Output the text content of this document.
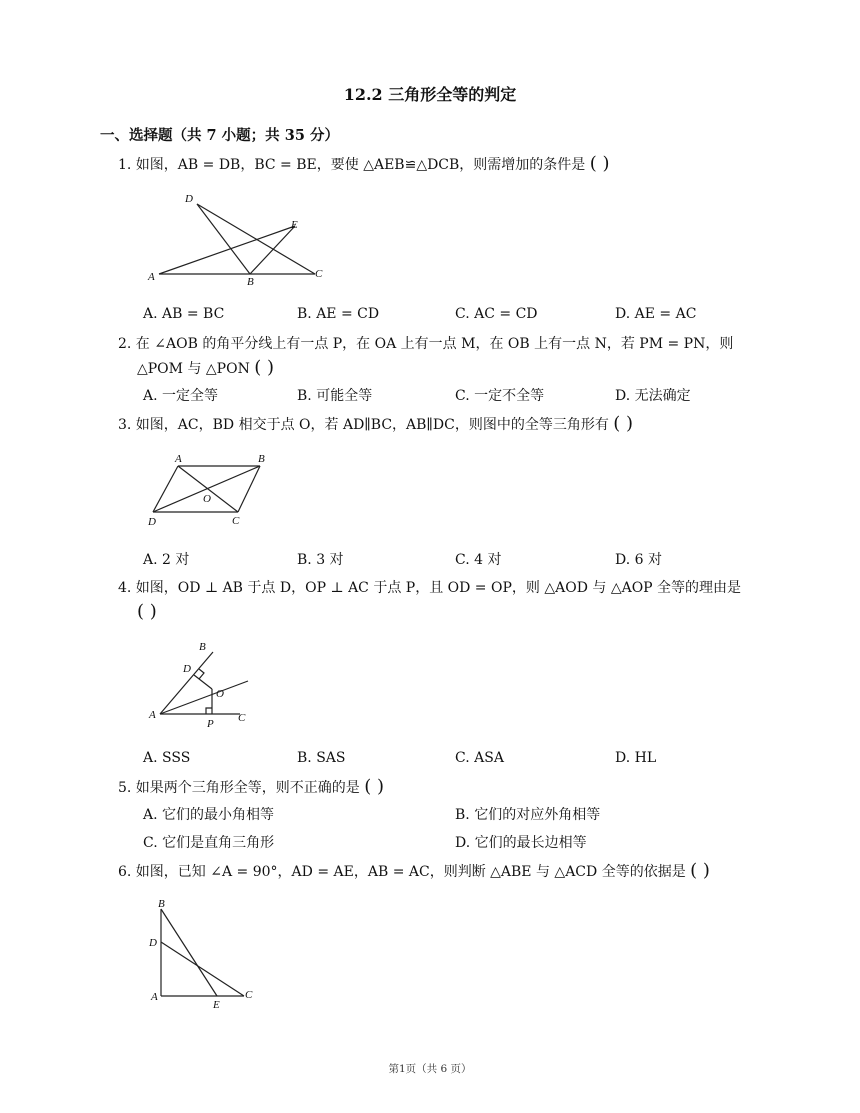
12.2 三角形全等的判定
一、选择题（共 7 小题；共 35 分）
1. 如图，AB = DB，BC = BE，要使 △AEB≌△DCB，则需增加的条件是 ( )
D
E
A	B
C
A. AB = BC	B. AE = CD	C. AC = CD	D. AE = AC
2. 在 ∠AOB 的角平分线上有一点 P，在 OA 上有一点 M，在 OB 上有一点 N，若 PM = PN，则
△POM 与 △PON ( )
A. 一定全等	B. 可能全等	C. 一定不全等	D. 无法确定
3. 如图，AC，BD 相交于点 O，若 AD∥BC，AB∥DC，则图中的全等三角形有 ( )
A	B
O
D	C
A. 2 对	B. 3 对	C. 4 对	D. 6 对
4. 如图，OD ⊥ AB 于点 D，OP ⊥ AC 于点 P，且 OD = OP，则 △AOD 与 △AOP 全等的理由是
( )
B
D
O
A
P C
A. SSS	B. SAS	C. ASA	D. HL
5. 如果两个三角形全等，则不正确的是 ( )
A. 它们的最小角相等	B. 它们的对应外角相等
C. 它们是直角三角形	D. 它们的最长边相等
6. 如图，已知 ∠A = 90°，AD = AE，AB = AC，则判断 △ABE 与 △ACD 全等的依据是 ( )
B
D
A
E
C
第1页（共 6 页）
